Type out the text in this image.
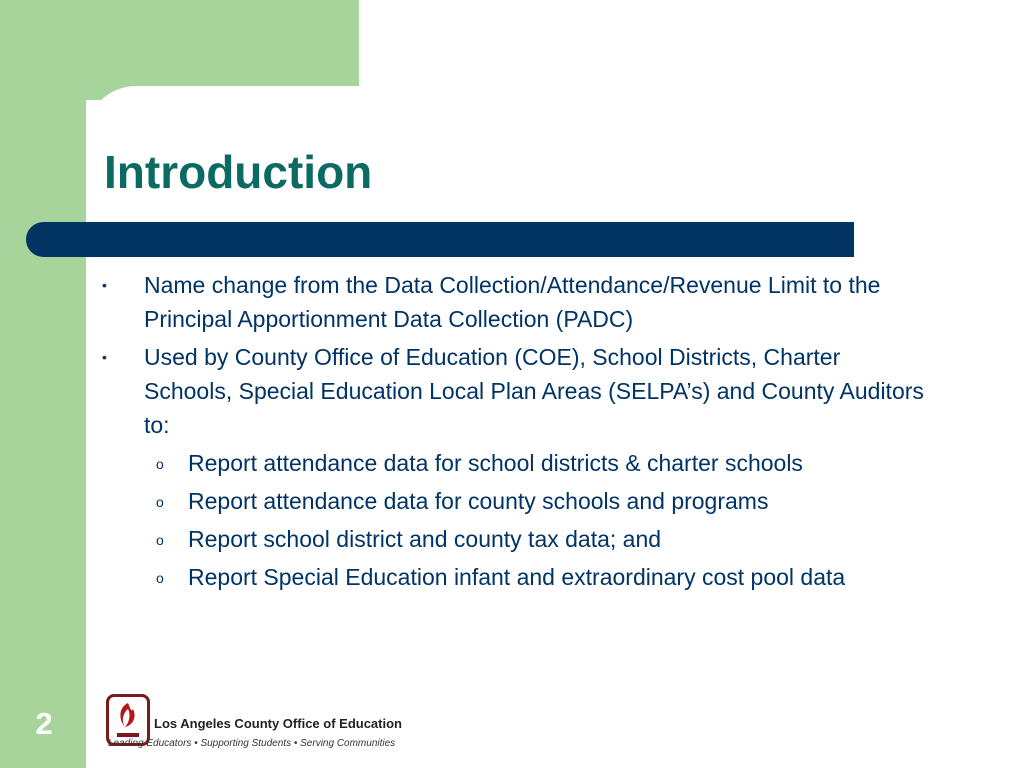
Introduction
• Name change from the Data Collection/Attendance/Revenue Limit to the Principal Apportionment Data Collection (PADC)
• Used by County Office of Education (COE), School Districts, Charter Schools, Special Education Local Plan Areas (SELPA’s) and County Auditors to:
o Report attendance data for school districts & charter schools
o Report attendance data for county schools and programs
o Report school district and county tax data; and
o Report Special Education infant and extraordinary cost pool data
2	Los Angeles County Office of Education
Leading Educators • Supporting Students • Serving Communities
